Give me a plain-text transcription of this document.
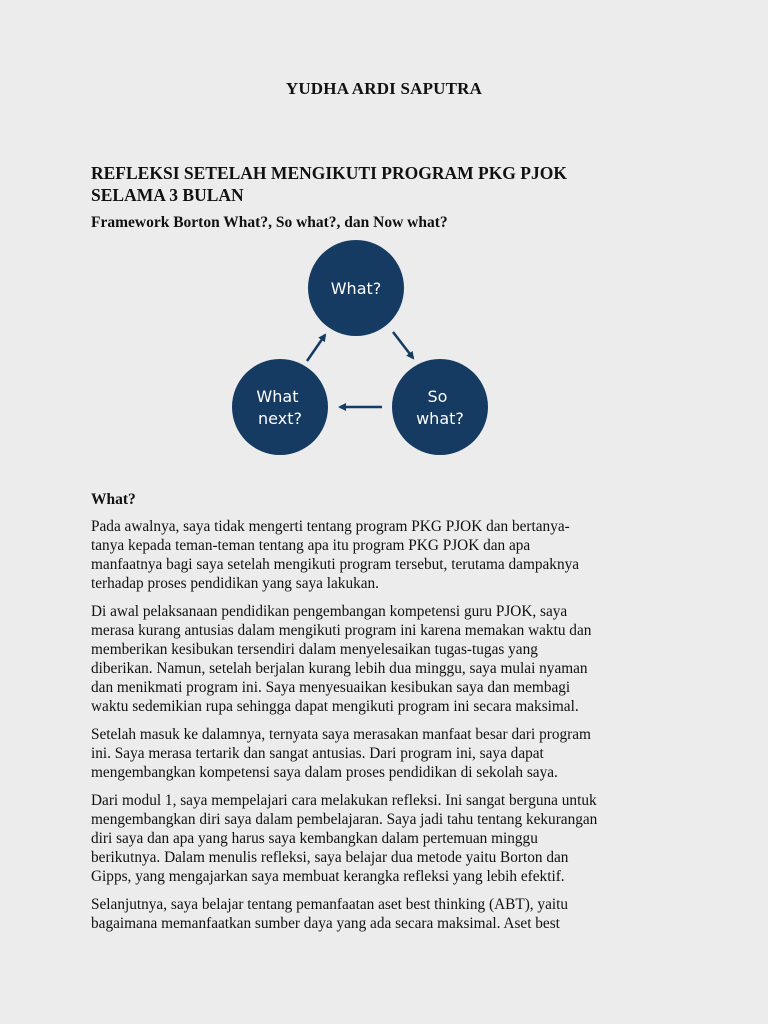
YUDHA ARDI SAPUTRA
REFLEKSI SETELAH MENGIKUTI PROGRAM PKG PJOK
SELAMA 3 BULAN
Framework Borton What?, So what?, dan Now what?
What?
So what?
What next?
What?

Pada awalnya, saya tidak mengerti tentang program PKG PJOK dan bertanya-
tanya kepada teman-teman tentang apa itu program PKG PJOK dan apa
manfaatnya bagi saya setelah mengikuti program tersebut, terutama dampaknya
terhadap proses pendidikan yang saya lakukan.

Di awal pelaksanaan pendidikan pengembangan kompetensi guru PJOK, saya
merasa kurang antusias dalam mengikuti program ini karena memakan waktu dan
memberikan kesibukan tersendiri dalam menyelesaikan tugas-tugas yang
diberikan. Namun, setelah berjalan kurang lebih dua minggu, saya mulai nyaman
dan menikmati program ini. Saya menyesuaikan kesibukan saya dan membagi
waktu sedemikian rupa sehingga dapat mengikuti program ini secara maksimal.

Setelah masuk ke dalamnya, ternyata saya merasakan manfaat besar dari program
ini. Saya merasa tertarik dan sangat antusias. Dari program ini, saya dapat
mengembangkan kompetensi saya dalam proses pendidikan di sekolah saya.

Dari modul 1, saya mempelajari cara melakukan refleksi. Ini sangat berguna untuk
mengembangkan diri saya dalam pembelajaran. Saya jadi tahu tentang kekurangan
diri saya dan apa yang harus saya kembangkan dalam pertemuan minggu
berikutnya. Dalam menulis refleksi, saya belajar dua metode yaitu Borton dan
Gipps, yang mengajarkan saya membuat kerangka refleksi yang lebih efektif.

Selanjutnya, saya belajar tentang pemanfaatan aset best thinking (ABT), yaitu
bagaimana memanfaatkan sumber daya yang ada secara maksimal. Aset best
